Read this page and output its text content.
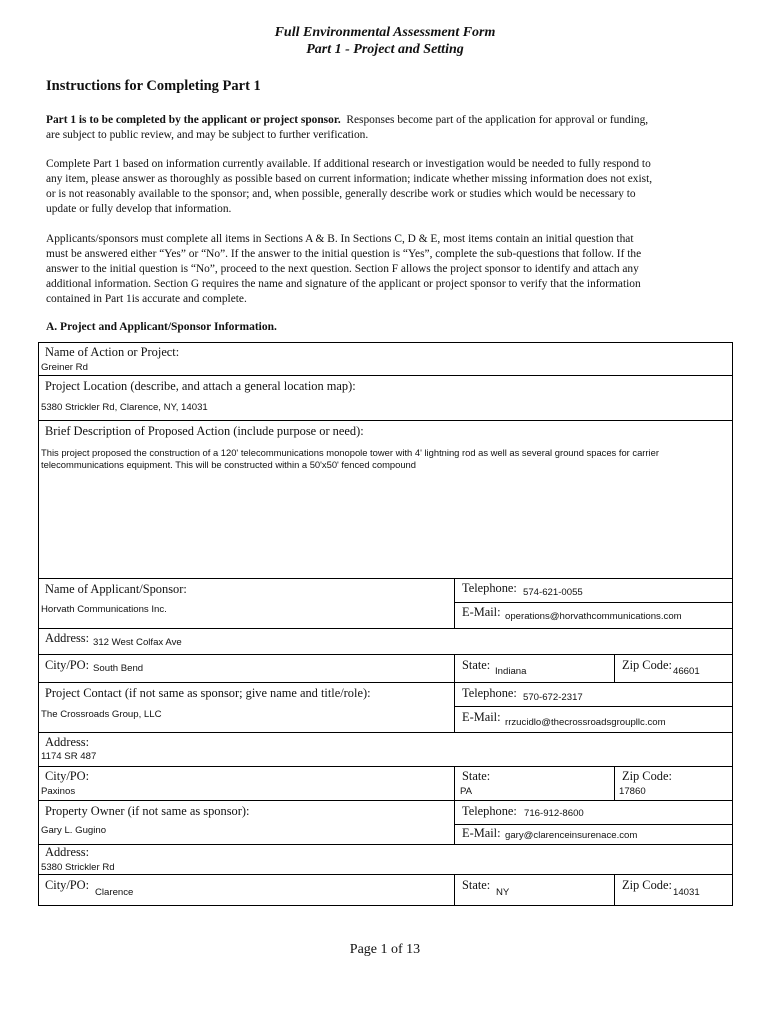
Full Environmental Assessment Form
Part 1 - Project and Setting
Instructions for Completing Part 1
Part 1 is to be completed by the applicant or project sponsor. Responses become part of the application for approval or funding,
are subject to public review, and may be subject to further verification.
Complete Part 1 based on information currently available. If additional research or investigation would be needed to fully respond to
any item, please answer as thoroughly as possible based on current information; indicate whether missing information does not exist,
or is not reasonably available to the sponsor; and, when possible, generally describe work or studies which would be necessary to
update or fully develop that information.
Applicants/sponsors must complete all items in Sections A & B. In Sections C, D & E, most items contain an initial question that
must be answered either “Yes” or “No”. If the answer to the initial question is “Yes”, complete the sub-questions that follow. If the
answer to the initial question is “No”, proceed to the next question. Section F allows the project sponsor to identify and attach any
additional information. Section G requires the name and signature of the applicant or project sponsor to verify that the information
contained in Part 1is accurate and complete.
A. Project and Applicant/Sponsor Information.
Name of Action or Project:
Greiner Rd
Project Location (describe, and attach a general location map):
5380 Strickler Rd, Clarence, NY, 14031
Brief Description of Proposed Action (include purpose or need):
This project proposed the construction of a 120' telecommunications monopole tower with 4' lightning rod as well as several ground spaces for carrier
telecommunications equipment. This will be constructed within a 50'x50' fenced compound
Name of Applicant/Sponsor:
Horvath Communications Inc.
Telephone: 574-621-0055
E-Mail: operations@horvathcommunications.com
Address: 312 West Colfax Ave
City/PO: South Bend	State: Indiana	Zip Code: 46601
Project Contact (if not same as sponsor; give name and title/role):
The Crossroads Group, LLC
Telephone: 570-672-2317
E-Mail: rrzucidlo@thecrossroadsgroupllc.com
Address:
1174 SR 487
City/PO:
Paxinos
State:
PA
Zip Code:
17860
Property Owner (if not same as sponsor):
Gary L. Gugino
Telephone: 716-912-8600
E-Mail: gary@clarenceinsurenace.com
Address:
5380 Strickler Rd
City/PO:
Clarence
State:
NY
Zip Code:
14031
Page 1 of 13
